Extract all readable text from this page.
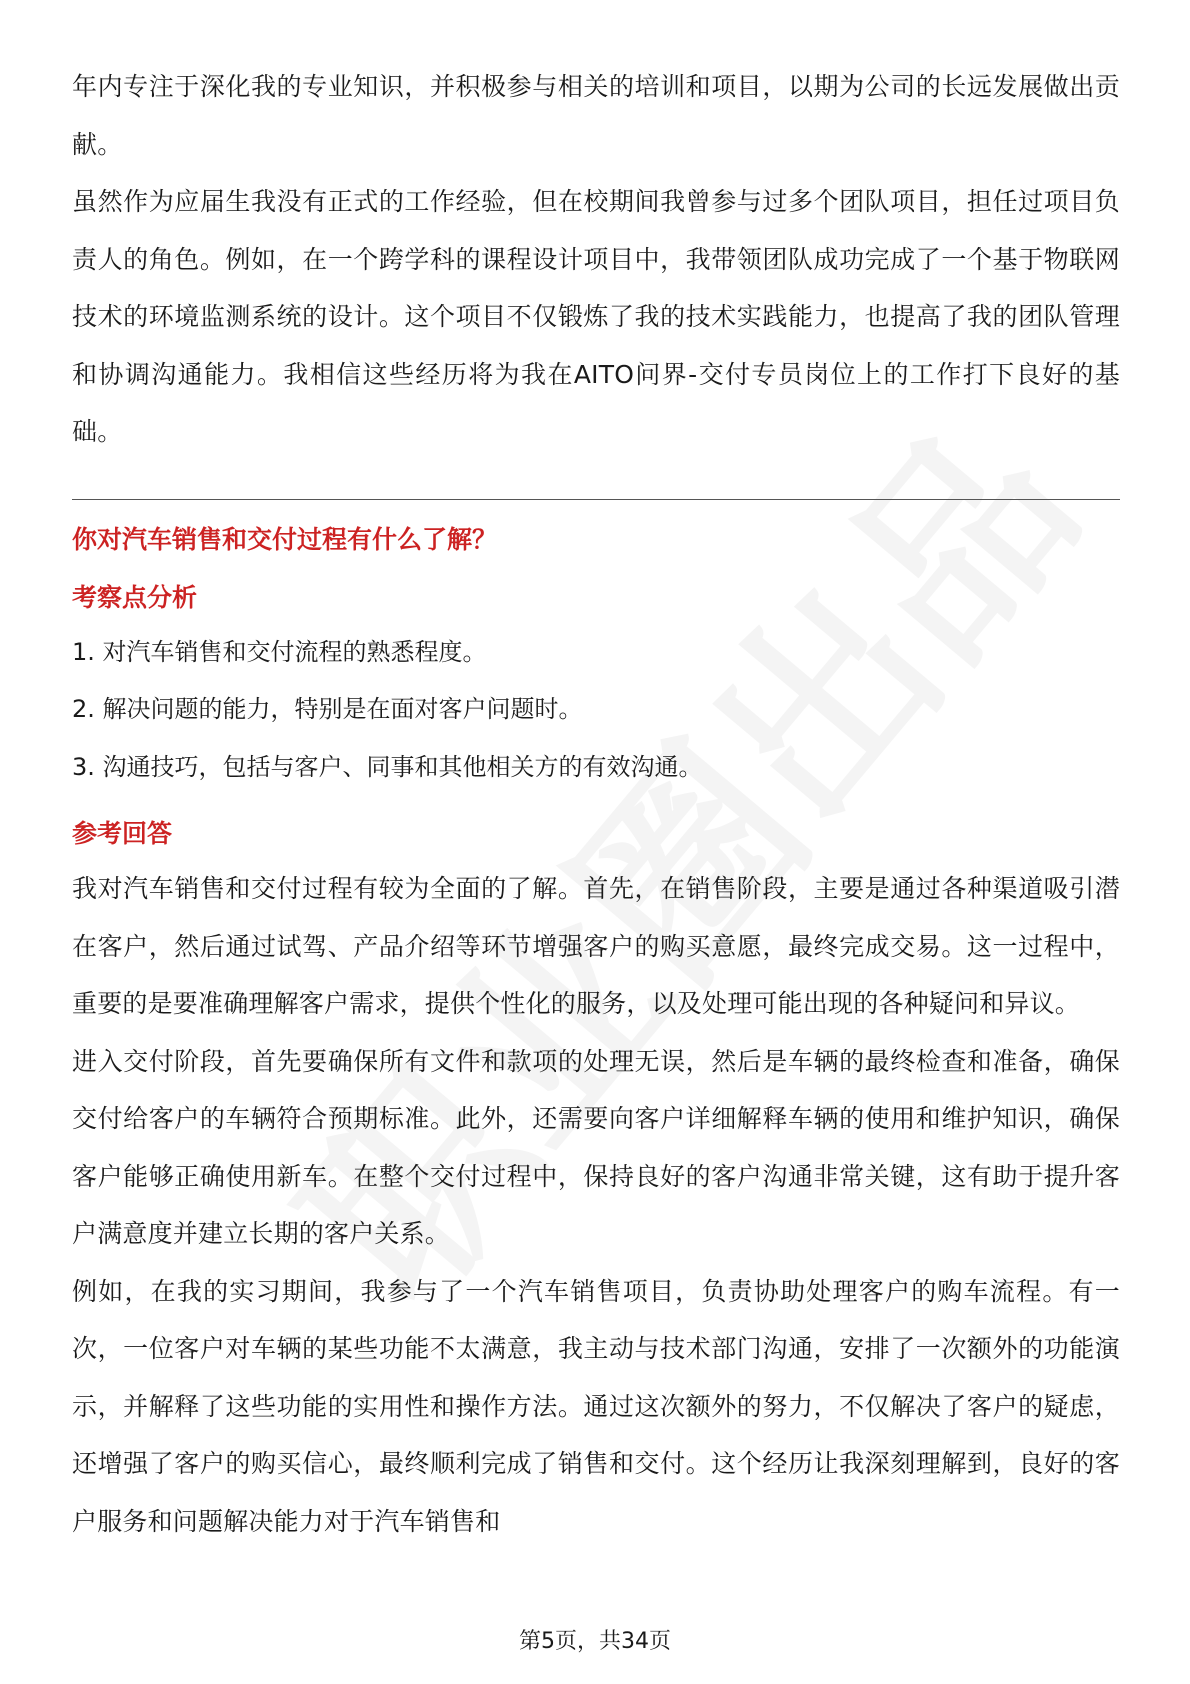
年内专注于深化我的专业知识，并积极参与相关的培训和项目，以期为公司的长远发展做出贡献。

虽然作为应届生我没有正式的工作经验，但在校期间我曾参与过多个团队项目，担任过项目负责人的角色。例如，在一个跨学科的课程设计项目中，我带领团队成功完成了一个基于物联网技术的环境监测系统的设计。这个项目不仅锻炼了我的技术实践能力，也提高了我的团队管理和协调沟通能力。我相信这些经历将为我在AITO问界-交付专员岗位上的工作打下良好的基础。

你对汽车销售和交付过程有什么了解？
考察点分析
1. 对汽车销售和交付流程的熟悉程度。
2. 解决问题的能力，特别是在面对客户问题时。
3. 沟通技巧，包括与客户、同事和其他相关方的有效沟通。
参考回答

我对汽车销售和交付过程有较为全面的了解。首先，在销售阶段，主要是通过各种渠道吸引潜在客户，然后通过试驾、产品介绍等环节增强客户的购买意愿，最终完成交易。这一过程中，重要的是要准确理解客户需求，提供个性化的服务，以及处理可能出现的各种疑问和异议。

进入交付阶段，首先要确保所有文件和款项的处理无误，然后是车辆的最终检查和准备，确保交付给客户的车辆符合预期标准。此外，还需要向客户详细解释车辆的使用和维护知识，确保客户能够正确使用新车。在整个交付过程中，保持良好的客户沟通非常关键，这有助于提升客户满意度并建立长期的客户关系。

例如，在我的实习期间，我参与了一个汽车销售项目，负责协助处理客户的购车流程。有一次，一位客户对车辆的某些功能不太满意，我主动与技术部门沟通，安排了一次额外的功能演示，并解释了这些功能的实用性和操作方法。通过这次额外的努力，不仅解决了客户的疑虑，还增强了客户的购买信心，最终顺利完成了销售和交付。这个经历让我深刻理解到，良好的客户服务和问题解决能力对于汽车销售和

第5页，共34页
